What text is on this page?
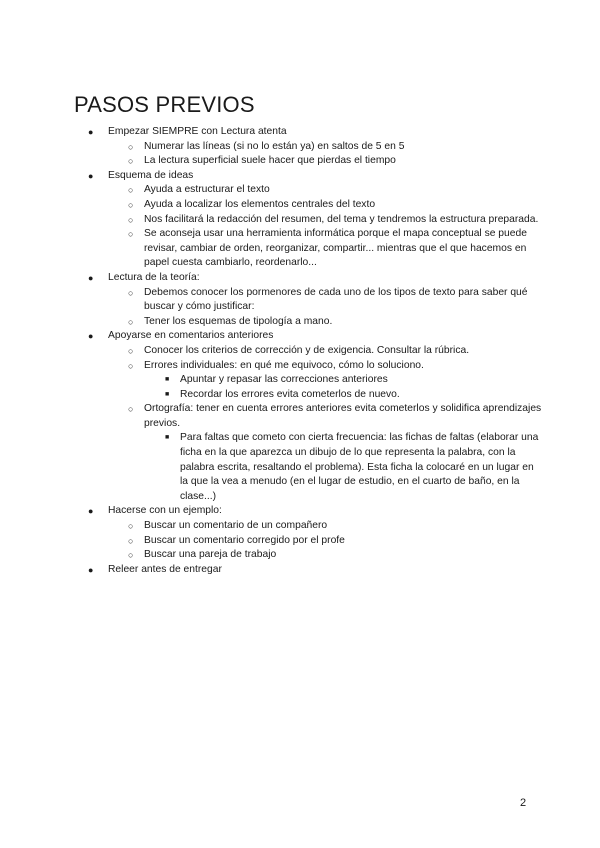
PASOS PREVIOS
● Empezar SIEMPRE con Lectura atenta
○ Numerar las líneas (si no lo están ya) en saltos de 5 en 5
○ La lectura superficial suele hacer que pierdas el tiempo
● Esquema de ideas
○ Ayuda a estructurar el texto
○ Ayuda a localizar los elementos centrales del texto
○ Nos facilitará la redacción del resumen, del tema y tendremos la estructura preparada.
○ Se aconseja usar una herramienta informática porque el mapa conceptual se puede revisar, cambiar de orden, reorganizar, compartir... mientras que el que hacemos en papel cuesta cambiarlo, reordenarlo...
● Lectura de la teoría:
○ Debemos conocer los pormenores de cada uno de los tipos de texto para saber qué buscar y cómo justificar:
○ Tener los esquemas de tipología a mano.
● Apoyarse en comentarios anteriores
○ Conocer los criterios de corrección y de exigencia. Consultar la rúbrica.
○ Errores individuales: en qué me equivoco, cómo lo soluciono.
■ Apuntar y repasar las correcciones anteriores
■ Recordar los errores evita cometerlos de nuevo.
○ Ortografía: tener en cuenta errores anteriores evita cometerlos y solidifica aprendizajes previos.
■ Para faltas que cometo con cierta frecuencia: las fichas de faltas (elaborar una ficha en la que aparezca un dibujo de lo que representa la palabra, con la palabra escrita, resaltando el problema). Esta ficha la colocaré en un lugar en la que la vea a menudo (en el lugar de estudio, en el cuarto de baño, en la clase...)
● Hacerse con un ejemplo:
○ Buscar un comentario de un compañero
○ Buscar un comentario corregido por el profe
○ Buscar una pareja de trabajo
● Releer antes de entregar
2
